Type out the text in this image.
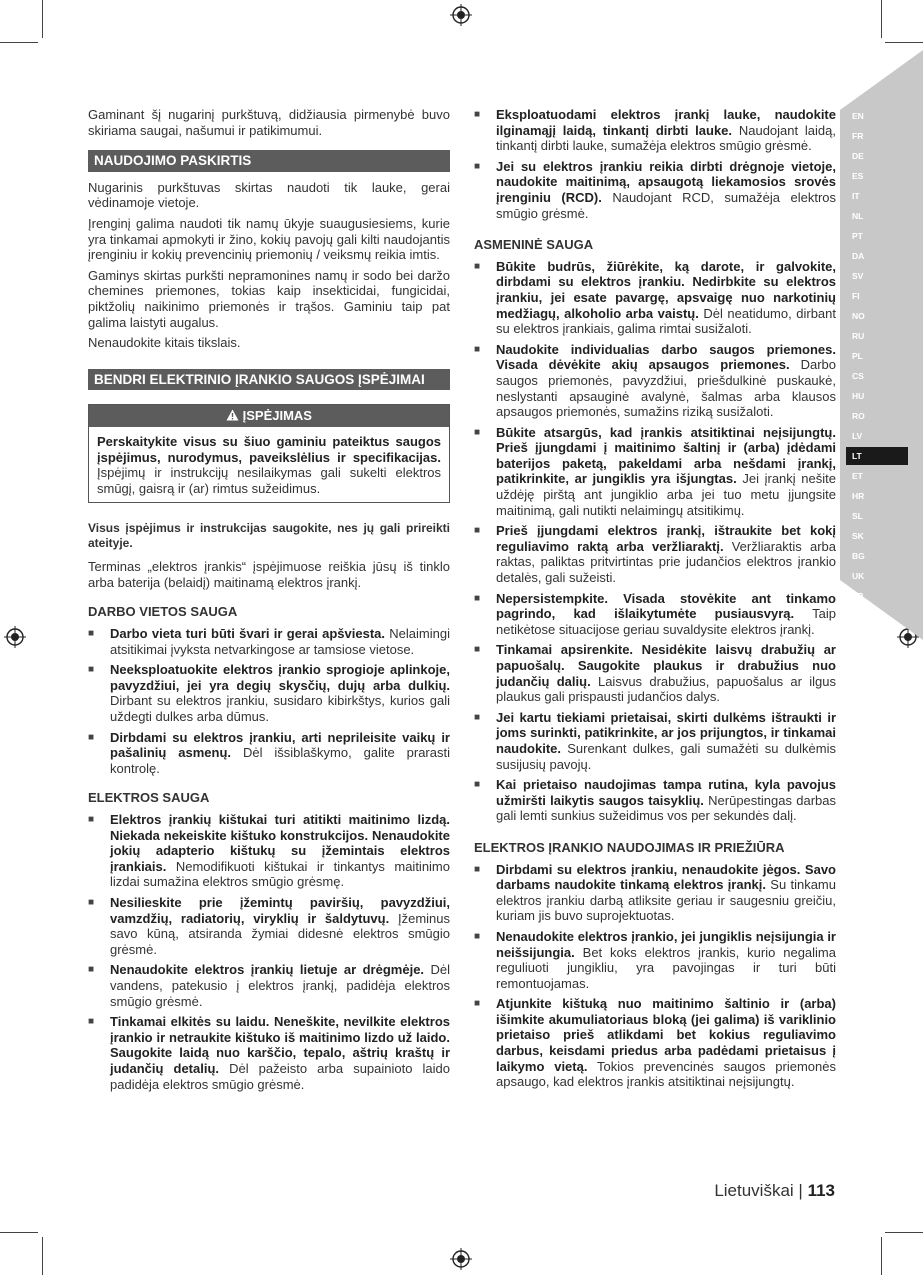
Gaminant šį nugarinį purkštuvą, didžiausia pirmenybė buvo skiriama saugai, našumui ir patikimumui.

NAUDOJIMO PASKIRTIS

Nugarinis purkštuvas skirtas naudoti tik lauke, gerai vėdinamoje vietoje.

Įrenginį galima naudoti tik namų ūkyje suaugusiesiems, kurie yra tinkamai apmokyti ir žino, kokių pavojų gali kilti naudojantis įrenginiu ir kokių prevencinių priemonių / veiksmų reikia imtis.

Gaminys skirtas purkšti nepramonines namų ir sodo bei daržo chemines priemones, tokias kaip insekticidai, fungicidai, piktžolių naikinimo priemonės ir trąšos. Gaminiu taip pat galima laistyti augalus.

Nenaudokite kitais tikslais.

BENDRI ELEKTRINIO ĮRANKIO SAUGOS ĮSPĖJIMAI
ĮSPĖJIMAS
Perskaitykite visus su šiuo gaminiu pateiktus saugos įspėjimus, nurodymus, paveikslėlius ir specifikacijas. Įspėjimų ir instrukcijų nesilaikymas gali sukelti elektros smūgį, gaisrą ir (ar) rimtus sužeidimus.
Visus įspėjimus ir instrukcijas saugokite, nes jų gali prireikti ateityje.

Terminas „elektros įrankis“ įspėjimuose reiškia jūsų iš tinklo arba baterija (belaidį) maitinamą elektros įrankį.

DARBO VIETOS SAUGA
■ Darbo vieta turi būti švari ir gerai apšviesta. Nelaimingi atsitikimai įvyksta netvarkingose ar tamsiose vietose.
■ Neeksploatuokite elektros įrankio sprogioje aplinkoje, pavyzdžiui, jei yra degių skysčių, dujų arba dulkių. Dirbant su elektros įrankiu, susidaro kibirkštys, kurios gali uždegti dulkes arba dūmus.
■ Dirbdami su elektros įrankiu, arti neprileisite vaikų ir pašalinių asmenų. Dėl išsiblaškymo, galite prarasti kontrolę.
ELEKTROS SAUGA
■ Elektros įrankių kištukai turi atitikti maitinimo lizdą. Niekada nekeiskite kištuko konstrukcijos. Nenaudokite jokių adapterio kištukų su įžemintais elektros įrankiais. Nemodifikuoti kištukai ir tinkantys maitinimo lizdai sumažina elektros smūgio grėsmę.
■ Nesilieskite prie įžemintų paviršių, pavyzdžiui, vamzdžių, radiatorių, viryklių ir šaldytuvų. Įžeminus savo kūną, atsiranda žymiai didesnė elektros smūgio grėsmė.
■ Nenaudokite elektros įrankių lietuje ar drėgmėje. Dėl vandens, patekusio į elektros įrankį, padidėja elektros smūgio grėsmė.
■ Tinkamai elkitės su laidu. Neneškite, nevilkite elektros įrankio ir netraukite kištuko iš maitinimo lizdo už laido. Saugokite laidą nuo karščio, tepalo, aštrių kraštų ir judančių detalių. Dėl pažeisto arba supainioto laido padidėja elektros smūgio grėsmė.
■ Eksploatuodami elektros įrankį lauke, naudokite ilginamąjį laidą, tinkantį dirbti lauke. Naudojant laidą, tinkantį dirbti lauke, sumažėja elektros smūgio grėsmė.
■ Jei su elektros įrankiu reikia dirbti drėgnoje vietoje, naudokite maitinimą, apsaugotą liekamosios srovės įrenginiu (RCD). Naudojant RCD, sumažėja elektros smūgio grėsmė.
ASMENINĖ SAUGA
■ Būkite budrūs, žiūrėkite, ką darote, ir galvokite, dirbdami su elektros įrankiu. Nedirbkite su elektros įrankiu, jei esate pavargę, apsvaigę nuo narkotinių medžiagų, alkoholio arba vaistų. Dėl neatidumo, dirbant su elektros įrankiais, galima rimtai susižaloti.
■ Naudokite individualias darbo saugos priemones. Visada dėvėkite akių apsaugos priemones. Darbo saugos priemonės, pavyzdžiui, priešdulkinė puskaukė, neslystanti apsauginė avalynė, šalmas arba klausos apsaugos priemonės, sumažins riziką susižaloti.
■ Būkite atsargūs, kad įrankis atsitiktinai neįsijungtų. Prieš įjungdami į maitinimo šaltinį ir (arba) įdėdami baterijos paketą, pakeldami arba nešdami įrankį, patikrinkite, ar jungiklis yra išjungtas. Jei įrankį nešite uždėję pirštą ant jungiklio arba jei tuo metu įjungsite maitinimą, gali nutikti nelaimingų atsitikimų.
■ Prieš įjungdami elektros įrankį, ištraukite bet kokį reguliavimo raktą arba veržliaraktį. Veržliaraktis arba raktas, paliktas pritvirtintas prie judančios elektros įrankio detalės, gali sužeisti.
■ Nepersistempkite. Visada stovėkite ant tinkamo pagrindo, kad išlaikytumėte pusiausvyrą. Taip netikėtose situacijose geriau suvaldysite elektros įrankį.
■ Tinkamai apsirenkite. Nesidėkite laisvų drabužių ar papuošalų. Saugokite plaukus ir drabužius nuo judančių dalių. Laisvus drabužius, papuošalus ar ilgus plaukus gali prispausti judančios dalys.
■ Jei kartu tiekiami prietaisai, skirti dulkėms ištraukti ir joms surinkti, patikrinkite, ar jos prijungtos, ir tinkamai naudokite. Surenkant dulkes, gali sumažėti su dulkėmis susijusių pavojų.
■ Kai prietaiso naudojimas tampa rutina, kyla pavojus užmiršti laikytis saugos taisyklių. Nerūpestingas darbas gali lemti sunkius sužeidimus vos per sekundės dalį.
ELEKTROS ĮRANKIO NAUDOJIMAS IR PRIEŽIŪRA
■ Dirbdami su elektros įrankiu, nenaudokite jėgos. Savo darbams naudokite tinkamą elektros įrankį. Su tinkamu elektros įrankiu darbą atliksite geriau ir saugesniu greičiu, kuriam jis buvo suprojektuotas.
■ Nenaudokite elektros įrankio, jei jungiklis neįsijungia ir neišsijungia. Bet koks elektros įrankis, kurio negalima reguliuoti jungikliu, yra pavojingas ir turi būti remontuojamas.
■ Atjunkite kištuką nuo maitinimo šaltinio ir (arba) išimkite akumuliatoriaus bloką (jei galima) iš variklinio prietaiso prieš atlikdami bet kokius reguliavimo darbus, keisdami priedus arba padėdami prietaisus į laikymo vietą. Tokios prevencinės saugos priemonės apsaugo, kad elektros įrankis atsitiktinai neįsijungtų.
EN
FR
DE
ES
IT
NL
PT
DA
SV
FI
NO
RU
PL
CS
HU
RO
LV
LT
ET
HR
SL
SK
BG
UK
TR
Lietuviškai | 113
